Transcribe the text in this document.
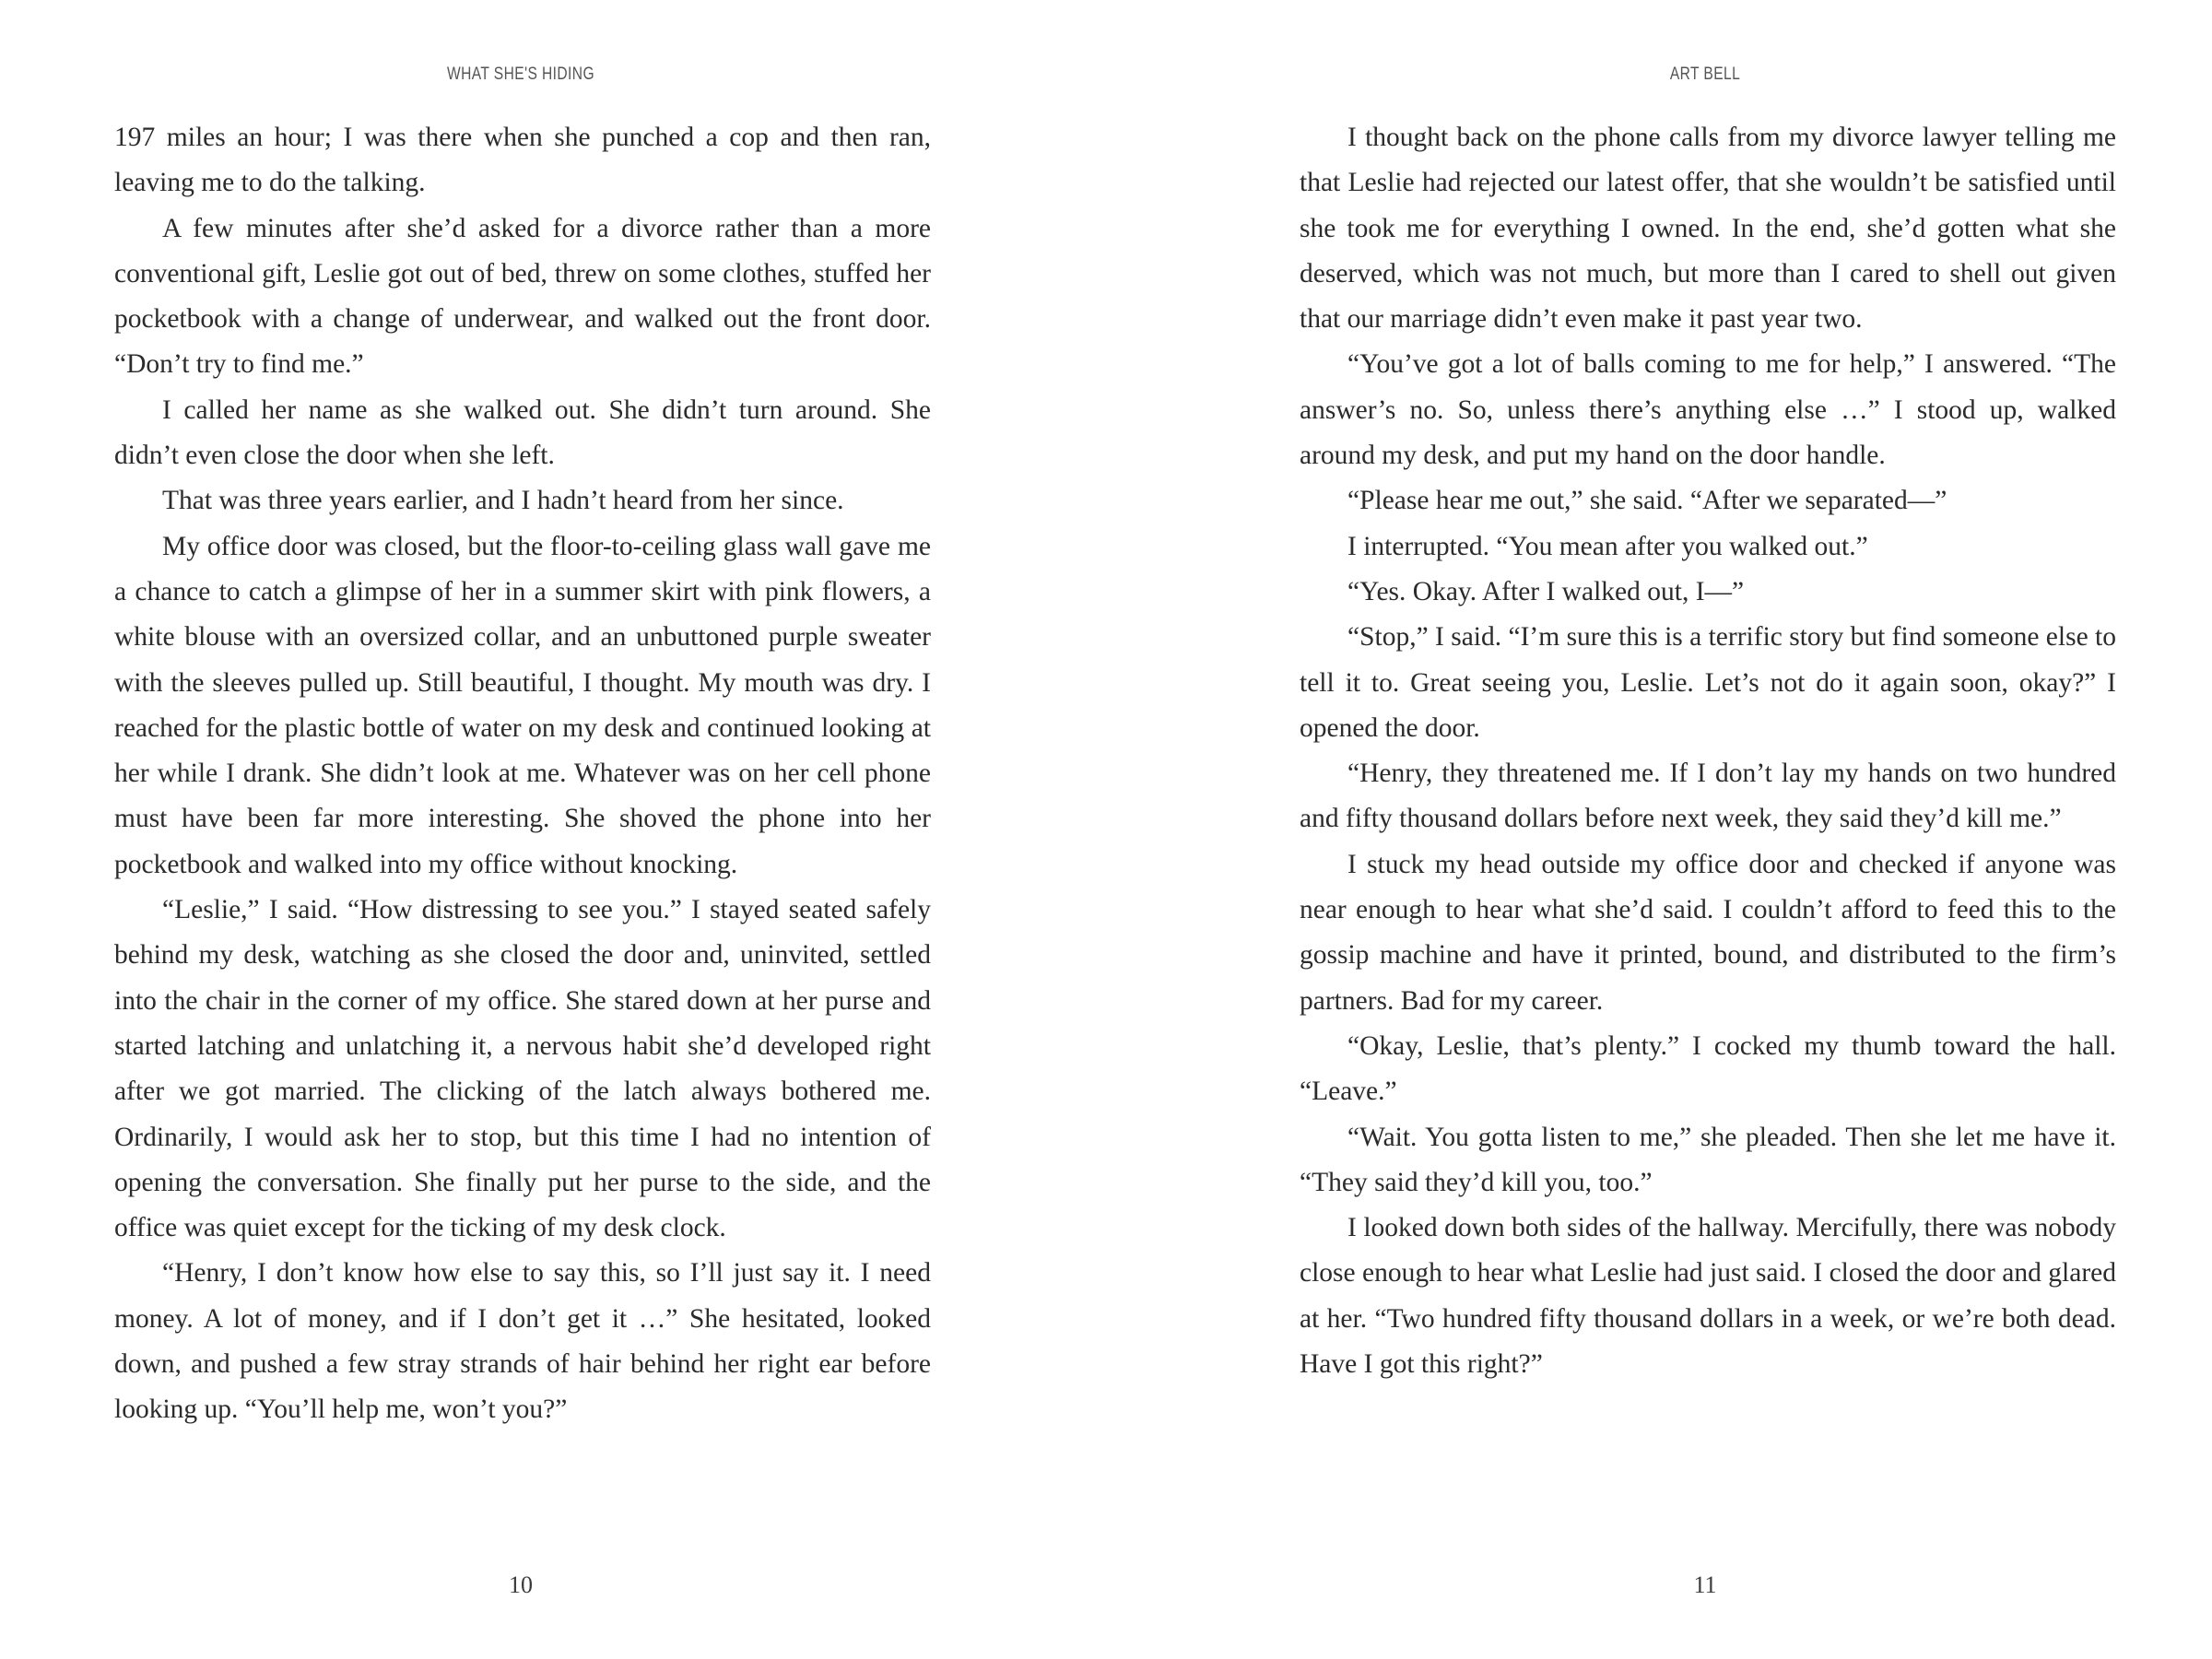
WHAT SHE'S HIDING

197 miles an hour; I was there when she punched a cop and then ran, leaving me to do the talking.

A few minutes after she’d asked for a divorce rather than a more conventional gift, Leslie got out of bed, threw on some clothes, stuffed her pocketbook with a change of underwear, and walked out the front door. “Don’t try to find me.”

I called her name as she walked out. She didn’t turn around. She didn’t even close the door when she left.

That was three years earlier, and I hadn’t heard from her since.

My office door was closed, but the floor-to-ceiling glass wall gave me a chance to catch a glimpse of her in a summer skirt with pink flowers, a white blouse with an oversized collar, and an unbuttoned purple sweater with the sleeves pulled up. Still beautiful, I thought. My mouth was dry. I reached for the plastic bottle of water on my desk and continued looking at her while I drank. She didn’t look at me. Whatever was on her cell phone must have been far more interesting. She shoved the phone into her pocketbook and walked into my office without knocking.

“Leslie,” I said. “How distressing to see you.” I stayed seated safely behind my desk, watching as she closed the door and, uninvited, settled into the chair in the corner of my office. She stared down at her purse and started latching and unlatching it, a nervous habit she’d developed right after we got married. The clicking of the latch always bothered me. Ordinarily, I would ask her to stop, but this time I had no intention of opening the conversation. She finally put her purse to the side, and the office was quiet except for the ticking of my desk clock.

“Henry, I don’t know how else to say this, so I’ll just say it. I need money. A lot of money, and if I don’t get it …” She hesitated, looked down, and pushed a few stray strands of hair behind her right ear before looking up. “You’ll help me, won’t you?”

10
ART BELL

I thought back on the phone calls from my divorce lawyer telling me that Leslie had rejected our latest offer, that she wouldn’t be satisfied until she took me for everything I owned. In the end, she’d gotten what she deserved, which was not much, but more than I cared to shell out given that our marriage didn’t even make it past year two.

“You’ve got a lot of balls coming to me for help,” I answered. “The answer’s no. So, unless there’s anything else …” I stood up, walked around my desk, and put my hand on the door handle.

“Please hear me out,” she said. “After we separated—”

I interrupted. “You mean after you walked out.”

“Yes. Okay. After I walked out, I—”

“Stop,” I said. “I’m sure this is a terrific story but find someone else to tell it to. Great seeing you, Leslie. Let’s not do it again soon, okay?” I opened the door.

“Henry, they threatened me. If I don’t lay my hands on two hundred and fifty thousand dollars before next week, they said they’d kill me.”

I stuck my head outside my office door and checked if anyone was near enough to hear what she’d said. I couldn’t afford to feed this to the gossip machine and have it printed, bound, and distributed to the firm’s partners. Bad for my career.

“Okay, Leslie, that’s plenty.” I cocked my thumb toward the hall. “Leave.”

“Wait. You gotta listen to me,” she pleaded. Then she let me have it. “They said they’d kill you, too.”

I looked down both sides of the hallway. Mercifully, there was nobody close enough to hear what Leslie had just said. I closed the door and glared at her. “Two hundred fifty thousand dollars in a week, or we’re both dead. Have I got this right?”

11
